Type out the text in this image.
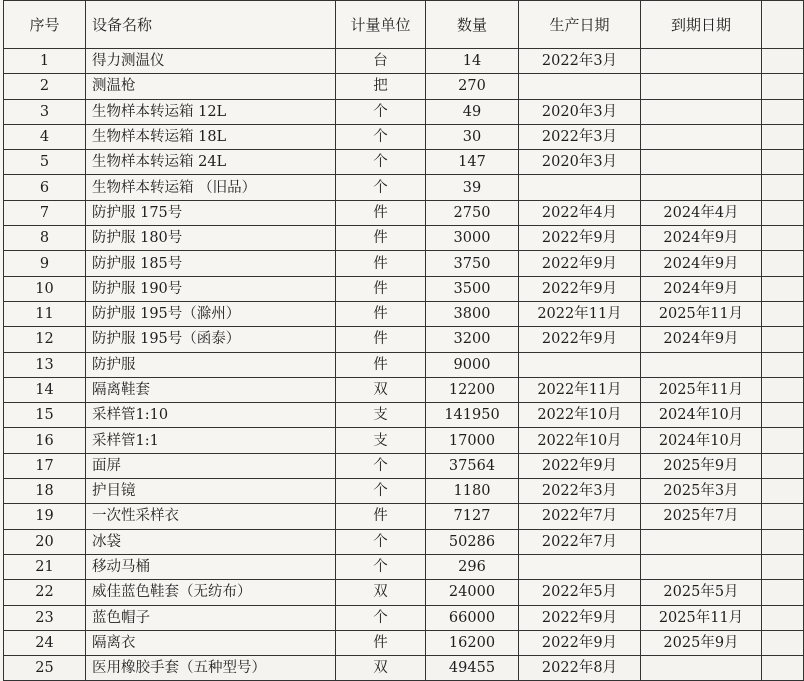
序号	设备名称	计量单位	数量	生产日期	到期日期	
1	得力测温仪	台	14	2022年3月		
2	测温枪	把	270			
3	生物样本转运箱 12L	个	49	2020年3月		
4	生物样本转运箱 18L	个	30	2022年3月		
5	生物样本转运箱 24L	个	147	2020年3月		
6	生物样本转运箱 （旧品）	个	39			
7	防护服 175号	件	2750	2022年4月	2024年4月	
8	防护服 180号	件	3000	2022年9月	2024年9月	
9	防护服 185号	件	3750	2022年9月	2024年9月	
10	防护服 190号	件	3500	2022年9月	2024年9月	
11	防护服 195号（滁州）	件	3800	2022年11月	2025年11月	
12	防护服 195号（函泰）	件	3200	2022年9月	2024年9月	
13	防护服	件	9000			
14	隔离鞋套	双	12200	2022年11月	2025年11月	
15	采样管1:10	支	141950	2022年10月	2024年10月	
16	采样管1:1	支	17000	2022年10月	2024年10月	
17	面屏	个	37564	2022年9月	2025年9月	
18	护目镜	个	1180	2022年3月	2025年3月	
19	一次性采样衣	件	7127	2022年7月	2025年7月	
20	冰袋	个	50286	2022年7月		
21	移动马桶	个	296			
22	威佳蓝色鞋套（无纺布）	双	24000	2022年5月	2025年5月	
23	蓝色帽子	个	66000	2022年9月	2025年11月	
24	隔离衣	件	16200	2022年9月	2025年9月	
25	医用橡胶手套（五种型号）	双	49455	2022年8月		
